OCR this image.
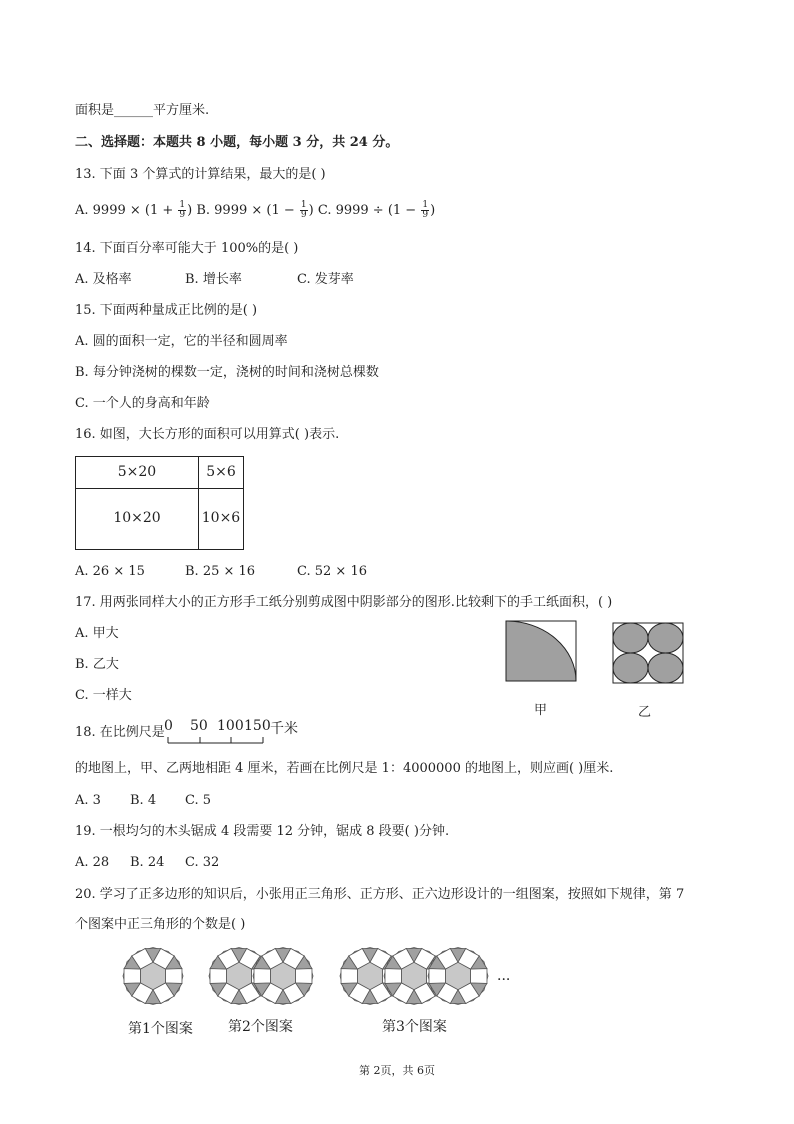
面积是______平方厘米.
二、选择题：本题共 8 小题，每小题 3 分，共 24 分。
13. 下面 3 个算式的计算结果，最大的是( )
A. $9999 \times (1 + \frac{1}{9}$ ) B. $9999 \times (1 - \frac{1}{9}$ ) C. $9999 \div (1 - \frac{1}{9}$ )
14. 下面百分率可能大于 100%的是( )
A. 及格率	B. 增长率	C. 发芽率
15. 下面两种量成正比例的是( )
A. 圆的面积一定，它的半径和圆周率
B. 每分钟浇树的棵数一定，浇树的时间和浇树总棵数
C. 一个人的身高和年龄
16. 如图，大长方形的面积可以用算式( )表示.
5×20	5×6
10×20	10×6
A. 26 × 15	B. 25 × 16	C. 52 × 16
17. 用两张同样大小的正方形手工纸分别剪成图中阴影部分的图形.比较剩下的手工纸面积，( )
A. 甲大
B. 乙大
C. 一样大
甲	乙
18. 在比例尺是 0 50 100 150 千米
的地图上，甲、乙两地相距 4 厘米，若画在比例尺是 1：4000000 的地图上，则应画( )厘米.
A. 3 B. 4 C. 5
19. 一根均匀的木头锯成 4 段需要 12 分钟，锯成 8 段要( )分钟.
A. 28 B. 24 C. 32
20. 学习了正多边形的知识后，小张用正三角形、正方形、正六边形设计的一组图案，按照如下规律，第 7
个图案中正三角形的个数是( )
···
第1个图案	第2个图案	第3个图案
第 2页，共 6页
